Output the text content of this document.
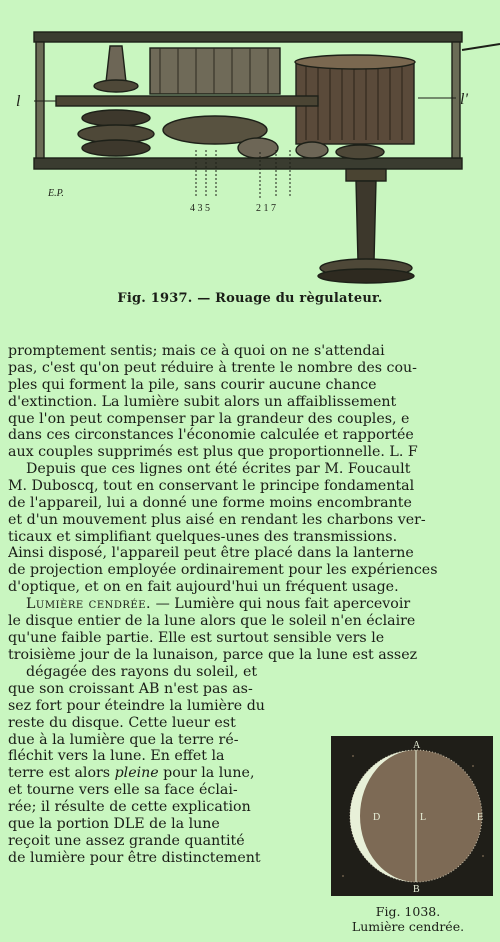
l	l'
E.P.
4 3 5	2 1 7
Fig. 1937. — Rouage du règulateur.
promptement sentis; mais ce à quoi on ne s'attendai
pas, c'est qu'on peut réduire à trente le nombre des cou-
ples qui forment la pile, sans courir aucune chance
d'extinction. La lumière subit alors un affaiblissement
que l'on peut compenser par la grandeur des couples, e
dans ces circonstances l'économie calculée et rapportée
aux couples supprimés est plus que proportionnelle. L. F
Depuis que ces lignes ont été écrites par M. Foucault
M. Duboscq, tout en conservant le principe fondamental
de l'appareil, lui a donné une forme moins encombrante
et d'un mouvement plus aisé en rendant les charbons ver-
ticaux et simplifiant quelques-unes des transmissions.
Ainsi disposé, l'appareil peut être placé dans la lanterne
de projection employée ordinairement pour les expériences
d'optique, et on en fait aujourd'hui un fréquent usage.
Lumière cendrée. — Lumière qui nous fait apercevoir
le disque entier de la lune alors que le soleil n'en éclaire
qu'une faible partie. Elle est surtout sensible vers le
troisième jour de la lunaison, parce que la lune est assez
dégagée des rayons du soleil, et
que son croissant AB n'est pas as-
sez fort pour éteindre la lumière du
reste du disque. Cette lueur est
due à la lumière que la terre ré-
fléchit vers la lune. En effet la
terre est alors pleine pour la lune,
et tourne vers elle sa face éclai-
rée; il résulte de cette explication
que la portion DLE de la lune
reçoit une assez grande quantité
de lumière pour être distinctement
A
B
D	L	E
Fig. 1038.
Lumière cendrée.
